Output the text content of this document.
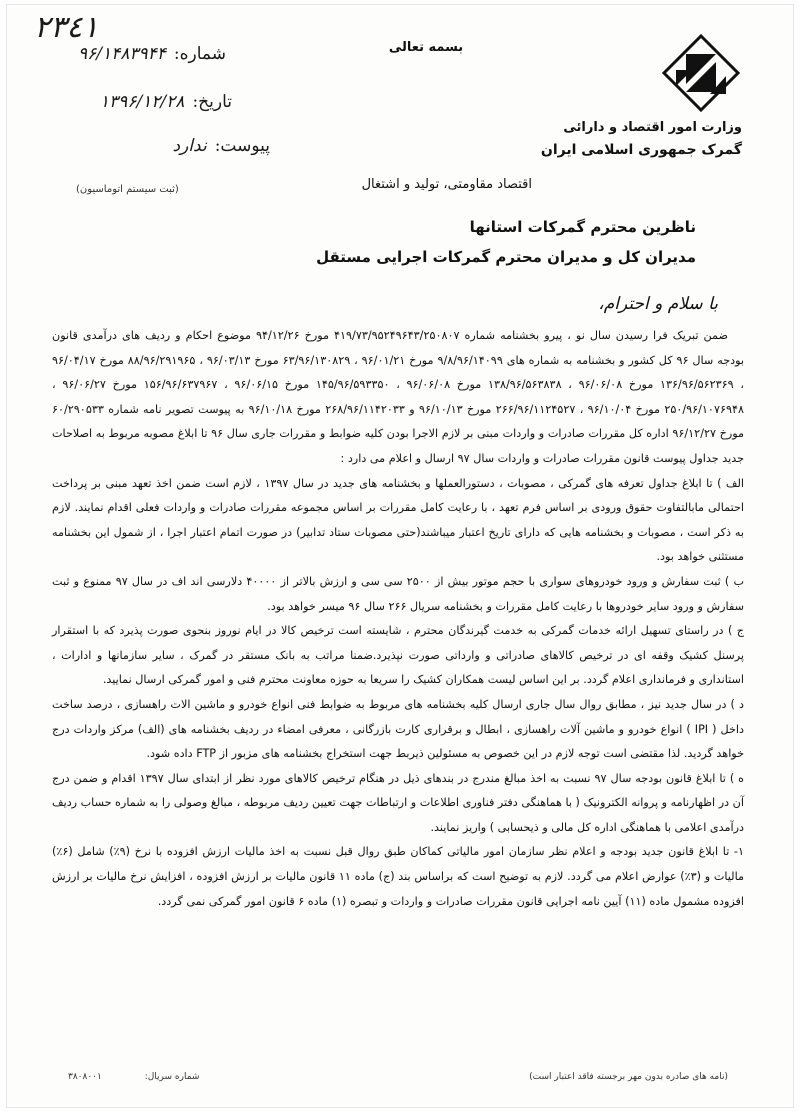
٢٣٤١
شماره:
۹۶/۱۴۸۳۹۴۴
تاریخ:
۱۳۹۶/۱۲/۲۸
پیوست:
ندارد
(ثبت سیستم اتوماسیون)
بسمه تعالی
وزارت امور اقتصاد و دارائی
گمرک جمهوری اسلامی ایران
اقتصاد مقاومتی، تولید و اشتغال
ناظرین محترم گمرکات استانها
مدیران کل و مدیران محترم گمرکات اجرایی مستقل
با سلام و احترام،

ضمن تبریک فرا رسیدن سال نو ، پیرو بخشنامه شماره ۴۱۹/۷۳/۹۵۲۴۹۶۴۳/۲۵۰۸۰۷ مورخ ۹۴/۱۲/۲۶ موضوع احکام و ردیف های درآمدی قانون بودجه سال ۹۶ کل کشور و بخشنامه به شماره های ۹/۸/۹۶/۱۴۰۹۹ مورخ ۹۶/۰۱/۲۱ ، ۶۳/۹۶/۱۳۰۸۲۹ مورخ ۹۶/۰۳/۱۳ ، ۸۸/۹۶/۲۹۱۹۶۵ مورخ ۹۶/۰۴/۱۷ ، ۱۳۶/۹۶/۵۶۲۳۶۹ مورخ ۹۶/۰۶/۰۸ ، ۱۳۸/۹۶/۵۶۳۸۳۸ مورخ ۹۶/۰۶/۰۸ ، ۱۴۵/۹۶/۵۹۳۳۵۰ مورخ ۹۶/۰۶/۱۵ ، ۱۵۶/۹۶/۶۳۷۹۶۷ مورخ ۹۶/۰۶/۲۷ ، ۲۵۰/۹۶/۱۰۷۶۹۴۸ مورخ ۹۶/۱۰/۰۴ ، ۲۶۶/۹۶/۱۱۲۴۵۲۷ مورخ ۹۶/۱۰/۱۳ و ۲۶۸/۹۶/۱۱۴۲۰۳۳ مورخ ۹۶/۱۰/۱۸ به پیوست تصویر نامه شماره ۶۰/۲۹۰۵۳۳ مورخ ۹۶/۱۲/۲۷ اداره کل مقررات صادرات و واردات مبنی بر لازم الاجرا بودن کلیه ضوابط و مقررات جاری سال ۹۶ تا ابلاغ مصوبه مربوط به اصلاحات جدید جداول پیوست قانون مقررات صادرات و واردات سال ۹۷ ارسال و اعلام می دارد :

الف ) تا ابلاغ جداول تعرفه های گمرکی ، مصوبات ، دستورالعملها و بخشنامه های جدید در سال ۱۳۹۷ ، لازم است ضمن اخذ تعهد مبنی بر پرداخت احتمالی مابالتفاوت حقوق ورودی بر اساس فرم تعهد ، با رعایت کامل مقررات بر اساس مجموعه مقررات صادرات و واردات فعلی اقدام نمایند. لازم به ذکر است ، مصوبات و بخشنامه هایی که دارای تاریخ اعتبار میباشند(حتی مصوبات ستاد تدابیر) در صورت اتمام اعتبار اجرا ، از شمول این بخشنامه مستثنی خواهد بود.

ب ) ثبت سفارش و ورود خودروهای سواری با حجم موتور بیش از ۲۵۰۰ سی سی و ارزش بالاتر از ۴۰۰۰۰ دلارسی اند اف در سال ۹۷ ممنوع و ثبت سفارش و ورود سایر خودروها با رعایت کامل مقررات و بخشنامه سریال ۲۶۶ سال ۹۶ میسر خواهد بود.

ج ) در راستای تسهیل ارائه خدمات گمرکی به خدمت گیرندگان محترم ، شایسته است ترخیص کالا در ایام نوروز بنحوی صورت پذیرد که با استقرار پرسنل کشیک وقفه ای در ترخیص کالاهای صادراتی و وارداتی صورت نپذیرد.ضمنا مراتب به بانک مستقر در گمرک ، سایر سازمانها و ادارات ، استانداری و فرمانداری اعلام گردد. بر این اساس لیست همکاران کشیک را سریعا به حوزه معاونت محترم فنی و امور گمرکی ارسال نمایید.

د ) در سال جدید نیز ، مطابق روال سال جاری ارسال کلیه بخشنامه های مربوط به ضوابط فنی انواع خودرو و ماشین الات راهسازی ، درصد ساخت داخل ( IPI ) انواع خودرو و ماشین آلات راهسازی ، ابطال و برقراری کارت بازرگانی ، معرفی امضاء در ردیف بخشنامه های (الف) مرکز واردات درج خواهد گردید. لذا مقتضی است توجه لازم در این خصوص به مسئولین ذیربط جهت استخراج بخشنامه های مزبور از FTP داده شود.

ه ) تا ابلاغ قانون بودجه سال ۹۷ نسبت به اخذ مبالغ مندرج در بندهای ذیل در هنگام ترخیص کالاهای مورد نظر از ابتدای سال ۱۳۹۷ اقدام و ضمن درج آن در اظهارنامه و پروانه الکترونیک ( با هماهنگی دفتر فناوری اطلاعات و ارتباطات جهت تعیین ردیف مربوطه ، مبالغ وصولی را به شماره حساب ردیف درآمدی اعلامی با هماهنگی اداره کل مالی و ذیحسابی ) واریز نمایند.

۱- تا ابلاغ قانون جدید بودجه و اعلام نظر سازمان امور مالیاتی کماکان طبق روال قبل نسبت به اخذ مالیات ارزش افزوده با نرخ (۹٪) شامل (۶٪) مالیات و (۳٪) عوارض اعلام می گردد. لازم به توضیح است که براساس بند (ج) ماده ۱۱ قانون مالیات بر ارزش افزوده ، افزایش نرخ مالیات بر ارزش افزوده مشمول ماده (۱۱) آیین نامه اجرایی قانون مقررات صادرات و واردات و تبصره (۱) ماده ۶ قانون امور گمرکی نمی گردد.

(نامه های صادره بدون مهر برجسته فاقد اعتبار است)
شماره سریال: ۳۸۰۸۰۰۱
